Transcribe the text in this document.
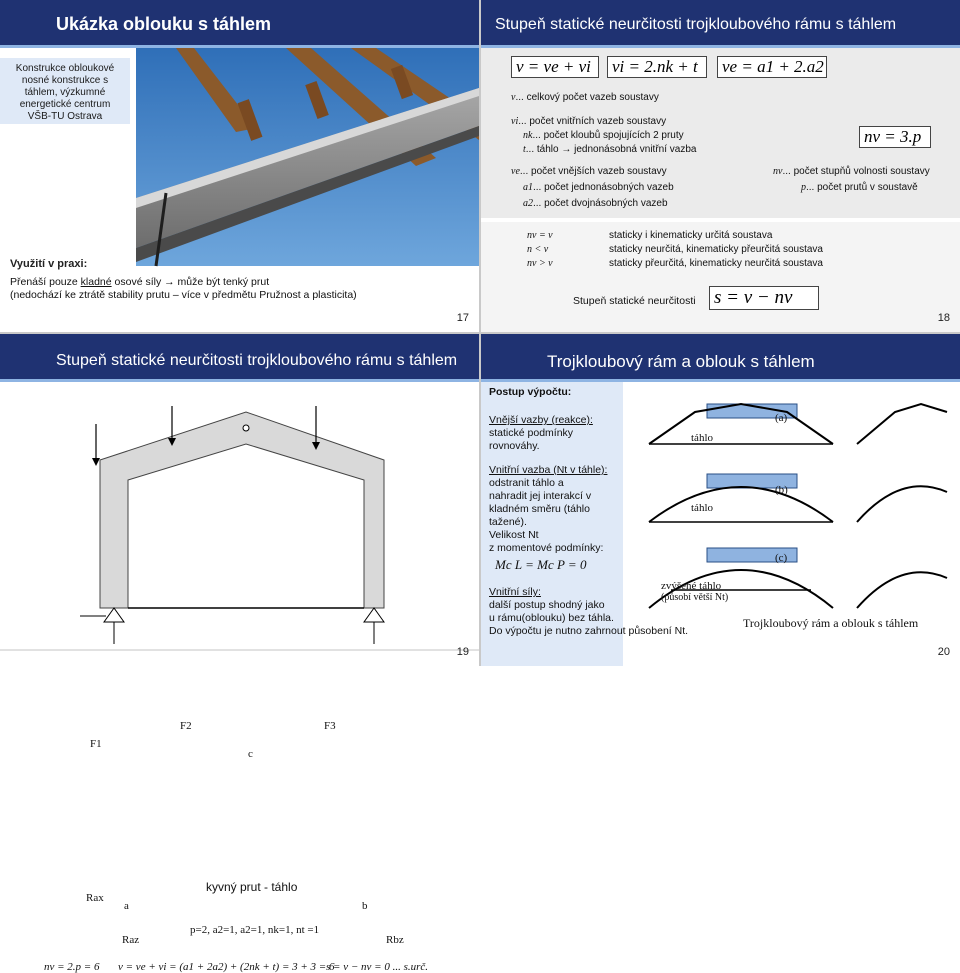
Ukázka oblouku s táhlem
Konstrukce obloukové
nosné konstrukce s
táhlem, výzkumné
energetické centrum
VŠB-TU Ostrava
Využití v praxi:
Přenáší pouze kladné osové síly → může být tenký prut
(nedochází ke ztrátě stability prutu – více v předmětu Pružnost a plasticita)
17
Stupeň statické neurčitosti trojkloubového rámu s táhlem
v = ve + vi	vi = 2.nk + t	ve = a1 + 2.a2
nv = 3.p
v... celkový počet vazeb soustavy
vi... počet vnitřních vazeb soustavy
nk... počet kloubů spojujících 2 pruty
t... táhlo → jednonásobná vnitřní vazba
ve... počet vnějších vazeb soustavy
a1... počet jednonásobných vazeb
a2... počet dvojnásobných vazeb
nv... počet stupňů volnosti soustavy
p... počet prutů v soustavě
nv = v	staticky i kinematicky určitá soustava
n < v	staticky neurčitá, kinematicky přeurčitá soustava
nv > v	staticky přeurčitá, kinematicky neurčitá soustava
Stupeň statické neurčitosti s = v − nv
18
Stupeň statické neurčitosti trojkloubového rámu s táhlem
F1
F2	F3
c
a	b
Rax
Raz	Rbz
kyvný prut - táhlo
p=2, a2=1, a2=1, nk=1, nt =1
nv = 2.p = 6 v = ve + vi = (a1 + 2a2) + (2nk + t) = 3 + 3 = 6
s = v − nv = 0 ... s.urč.
19
Trojkloubový rám a oblouk s táhlem
Postup výpočtu:
Vnější vazby (reakce):
statické podmínky
rovnováhy.
Vnitřní vazba (Nt v táhle):
odstranit táhlo a
nahradit jej interakcí v
kladném směru (táhlo
tažené).
Velikost Nt
z momentové podmínky:
Mc L = Mc P = 0
Vnitřní síly:
další postup shodný jako
u rámu(oblouku) bez táhla.
Do výpočtu je nutno zahrnout působení Nt.
(a)
(b)
(c)
táhlo
táhlo
zvýšené táhlo
(působí větší Nt)
Trojkloubový rám a oblouk s táhlem
20
